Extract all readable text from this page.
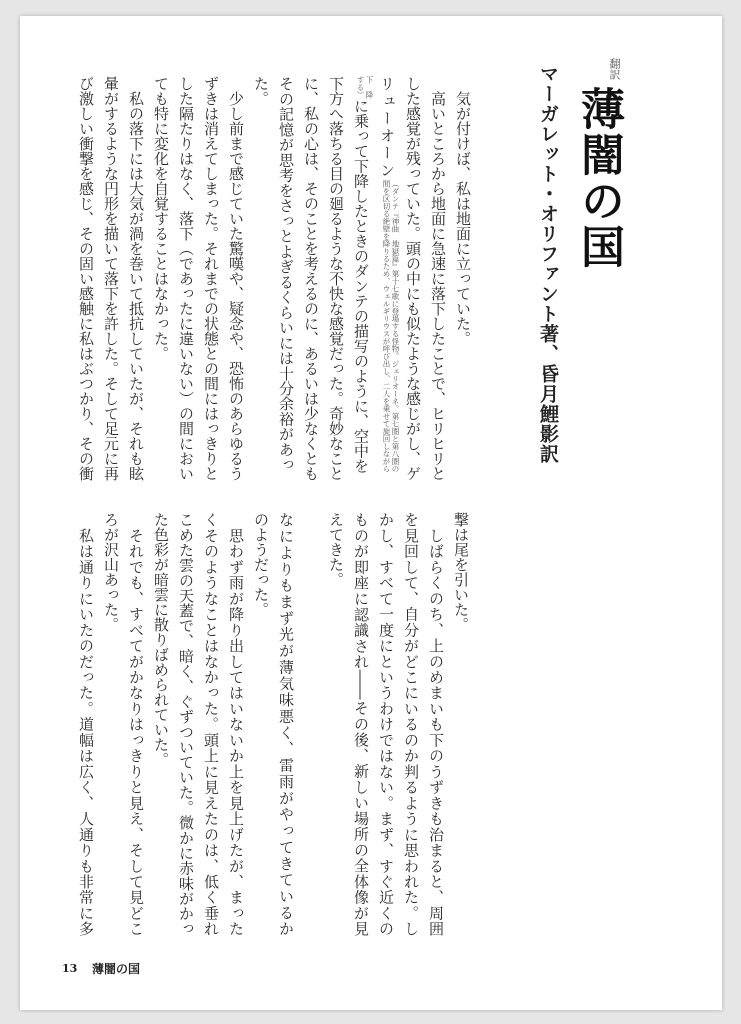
翻訳
薄闇の国
マーガレット・オリファント著、昏月鯉影訳
　気が付けば、私は地面に立っていた。
　高いところから地面に急速に落下したことで、ヒリヒリと
した感覚が残っていた。頭の中にも似たような感じがし、ゲ
リューオーン
（ダンテ『神曲　地獄篇』第十七歌に登場する怪物。ジェリオーネ。第七圏と第八圏の
間を区切る絶壁を降りるため、ウェルギリウスが呼び出し、二人を乗せて旋回しながら
下降
する）
に乗って下降したときのダンテの描写のように、空中を
下方へ落ちる目の廻るような不快な感覚だった。奇妙なこと
に、私の心は、そのことを考えるのに、あるいは少なくとも
その記憶が思考をさっとよぎるくらいには十分余裕があっ
た。
　少し前まで感じていた驚嘆や、疑念や、恐怖のあらゆるう
ずきは消えてしまった。それまでの状態との間にはっきりと
した隔たりはなく、落下（であったに違いない）の間におい
ても特に変化を自覚することはなかった。
　私の落下には大気が渦を巻いて抵抗していたが、それも眩
暈がするような円形を描いて落下を許した。そして足元に再
び激しい衝撃を感じ、その固い感触に私はぶつかり、その衝
撃は尾を引いた。
　しばらくのち、上のめまいも下のうずきも治まると、周囲
を見回して、自分がどこにいるのか判るように思われた。し
かし、すべて一度にというわけではない。まず、すぐ近くの
ものが即座に認識され――その後、新しい場所の全体像が見
えてきた。
なによりもまず光が薄気味悪く、雷雨がやってきているか
のようだった。
　思わず雨が降り出してはいないか上を見上げたが、まった
くそのようなことはなかった。頭上に見えたのは、低く垂れ
こめた雲の天蓋で、暗く、ぐずついていた。微かに赤味がかっ
た色彩が暗雲に散りばめられていた。
　それでも、すべてがかなりはっきりと見え、そして見どこ
ろが沢山あった。
　私は通りにいたのだった。道幅は広く、人通りも非常に多
13 薄闇の国
